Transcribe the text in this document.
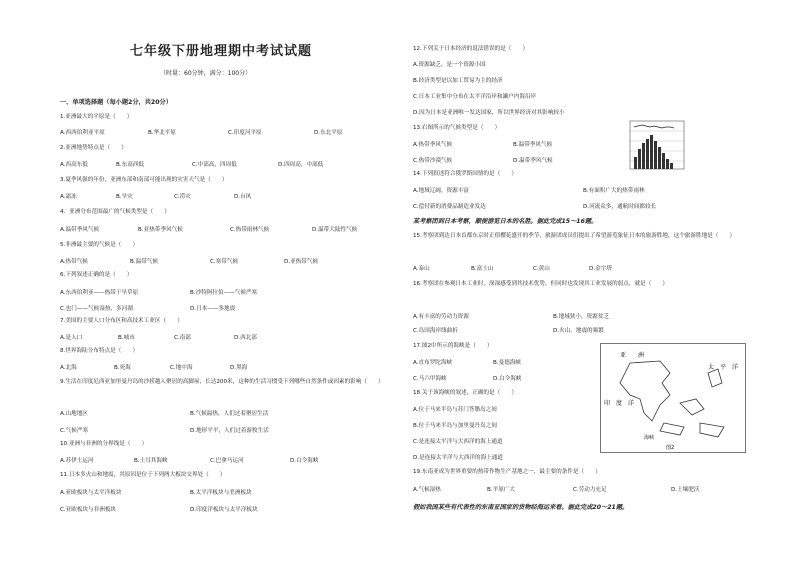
七年级下册地理期中考试试题
（时量：60分钟，满分：100分）
一、单项选择题（每小题2分，共20分）
1.亚洲最大的平原是（　　）
A.西西伯利亚平原	B.华北平原	C.印度河平原	D.东北平原
2.亚洲地势特点是（　　）
A.西高东低	B.东高西低	C.中部高，四周低	D.四周高，中部低
3.夏季风强的年份，亚洲东部和南部可能出现的灾害天气是（　　）
A.霜冻	B.旱灾	C.涝灾	D.台风
4．亚洲分布范围最广的气候类型是（　　）
A.温带季风气候	B.亚热带季风气候	C.热带雨林气候	D.温带大陆性气候
5.非洲最主要的气候是（　　）
A.热带气候	B.温带气候	C.寒带气候	D.亚热带气候
6.下列叙述正确的是（　　）
A.东西伯利亚——热带干旱草原	B.沙特阿拉伯——气候严寒
C.也门——气候湿热，多河湖	D.日本——多地震
7.美国的主要人口分布区和高技术工业区（　　）
A.是人口	B.城市	C.南部	D.西北部
8.世界海陆分布特点是（　　）
A.北海	B.死海	C.地中海	D.黑海
9.生活在印度尼西亚加里曼丹岛的沙捞越人聚居的高脚屋，长达200米，这种的生活习惯受下列哪些自然条件或因素的影响（　　）
A.山地地区	B.气候温热，人们过着聚居生活
C.气候严寒	D.地形平平，人们过着游牧生活
10.亚洲与非洲的分界线是（　　）
A.苏伊士运河	B.土耳其海峡	C.巴拿马运河	D.白令海峡
11.日本多火山和地震，其原因是位于下列两大板块交界处（　　）
A.亚欧板块与太平洋板块	B.太平洋板块与美洲板块
C.亚欧板块与非洲板块	D.印度洋板块与太平洋板块
12.下列关于日本经济的说法错误的是（　　）
A.资源缺乏，是一个资源小国
B.经济类型是以加工贸易为主的经济
C.日本工业集中分布在太平洋沿岸和濑户内海沿岸
D.因为日本是亚洲唯一发达国家，所以世界经济对其影响较小
13.右图所示的气候类型是（　　）
A.热带季风气候	B.温带季风气候
C.热带沙漠气候	D.温带季风气候
14.下列叙述符合俄罗斯国情的是（　　）
A.地域辽阔，资源丰富	B.有面积广大的热带雨林
C.偿付新的消费品制造业发达	D.河流众多，通航时间都较长
15.考察团到达日本首都东京时正值樱花盛开的季节，旅游团成员们提出了希望游览象征日本的旅游胜地，这个旅游胜地是（　　）
A.泰山	B.富士山	C.黄山	D.金字塔
16.考察团在参观日本工业时，深深感受到其技术优势，但同时也发现其工业发展的弱点，就是（　　）
A.有丰富的劳动力资源	B.地域狭小，资源贫乏
C.岛国海岸线曲折	D.火山、地震的频繁
17.图2中所示的海峡是（　　）
A.直布罗陀海峡	B.曼德海峡
C.马六甲海峡	D.白令海峡
18.关于该海峡的叙述，正确的是（　　）
A.位于马来半岛与苏门答腊岛之间
B.位于马来半岛与加里曼丹岛之间
C.是连接太平洋与大西洋的海上通道
D.是连接太平洋与大西洋的海上通道
19.东南亚成为世界重要的热带作物生产基地之一，最主要的条件是（　　）
A.气候湿热	B.平原广大	C.劳动力充足	D.土壤肥沃
某考察团到日本考察，顺便游览日本的名胜。据此完成15～16题。
假如我国某些有代表性的东南亚国家的货物经海运来看。据此完成20～21题。
亚　　洲
太　平　洋
印　度　洋
海峡
图2
